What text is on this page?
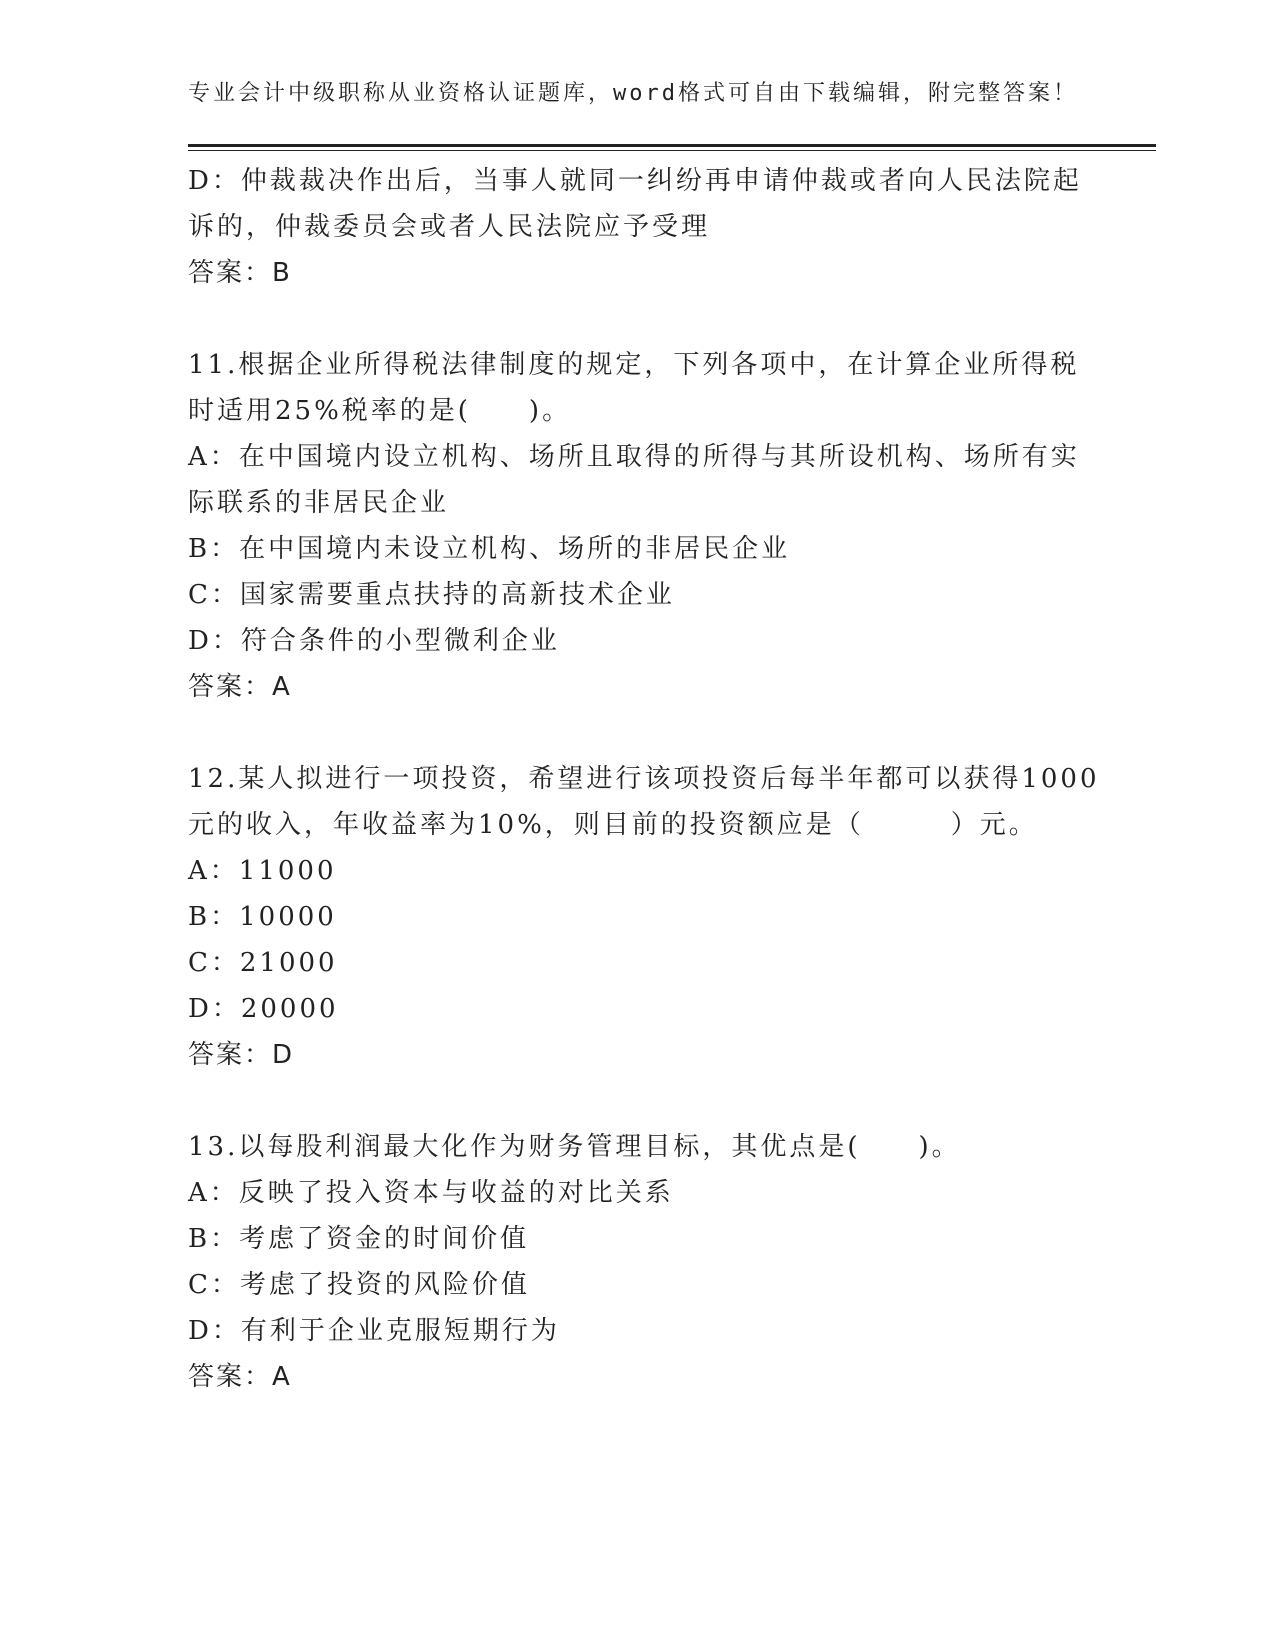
专业会计中级职称从业资格认证题库，word格式可自由下载编辑，附完整答案！
D：仲裁裁决作出后，当事人就同一纠纷再申请仲裁或者向人民法院起
诉的，仲裁委员会或者人民法院应予受理
答案：B
11.根据企业所得税法律制度的规定，下列各项中，在计算企业所得税
时适用25%税率的是(　　)。
A：在中国境内设立机构、场所且取得的所得与其所设机构、场所有实
际联系的非居民企业
B：在中国境内未设立机构、场所的非居民企业
C：国家需要重点扶持的高新技术企业
D：符合条件的小型微利企业
答案：A
12.某人拟进行一项投资，希望进行该项投资后每半年都可以获得1000
元的收入，年收益率为10%，则目前的投资额应是（　　　）元。
A：11000
B：10000
C：21000
D：20000
答案：D
13.以每股利润最大化作为财务管理目标，其优点是(　　)。
A：反映了投入资本与收益的对比关系
B：考虑了资金的时间价值
C：考虑了投资的风险价值
D：有利于企业克服短期行为
答案：A
